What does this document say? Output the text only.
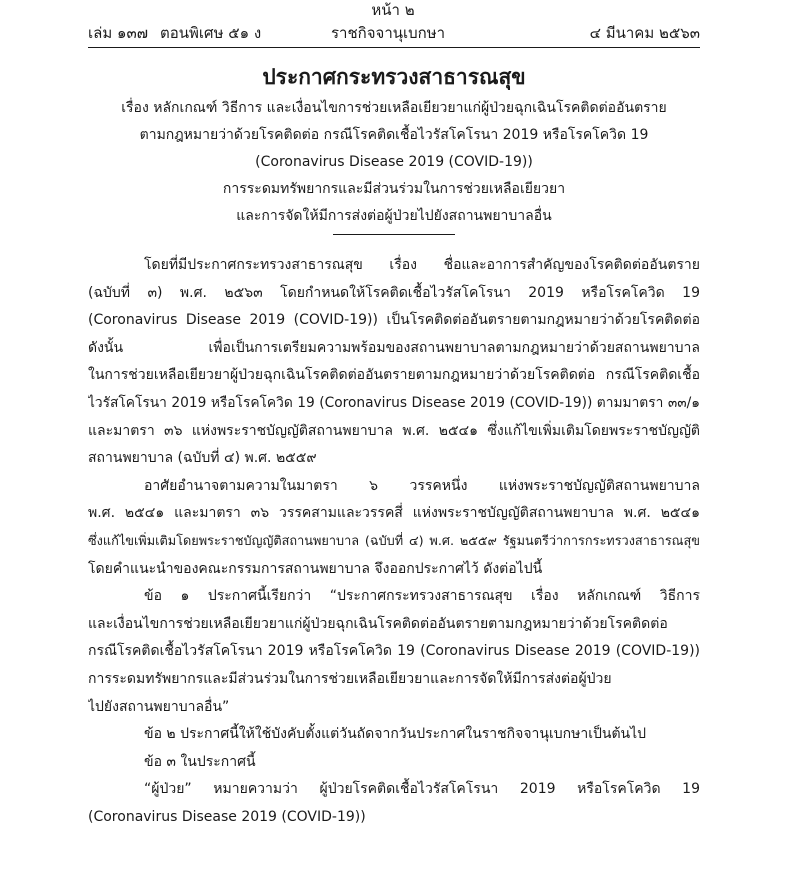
หน้า ๒
เล่ม ๑๓๗ ตอนพิเศษ ๕๑ ง	ราชกิจจานุเบกษา	๔ มีนาคม ๒๕๖๓
ประกาศกระทรวงสาธารณสุข
เรื่อง หลักเกณฑ์ วิธีการ และเงื่อนไขการช่วยเหลือเยียวยาแก่ผู้ป่วยฉุกเฉินโรคติดต่ออันตราย
ตามกฎหมายว่าด้วยโรคติดต่อ กรณีโรคติดเชื้อไวรัสโคโรนา 2019 หรือโรคโควิด 19
(Coronavirus Disease 2019 (COVID-19))
การระดมทรัพยากรและมีส่วนร่วมในการช่วยเหลือเยียวยา
และการจัดให้มีการส่งต่อผู้ป่วยไปยังสถานพยาบาลอื่น
โดยที่มีประกาศกระทรวงสาธารณสุข เรื่อง ชื่อและอาการสำคัญของโรคติดต่ออันตราย
(ฉบับที่ ๓) พ.ศ. ๒๕๖๓ โดยกำหนดให้โรคติดเชื้อไวรัสโคโรนา 2019 หรือโรคโควิด 19
(Coronavirus Disease 2019 (COVID-19)) เป็นโรคติดต่ออันตรายตามกฎหมายว่าด้วยโรคติดต่อ
ดังนั้น เพื่อเป็นการเตรียมความพร้อมของสถานพยาบาลตามกฎหมายว่าด้วยสถานพยาบาล
ในการช่วยเหลือเยียวยาผู้ป่วยฉุกเฉินโรคติดต่ออันตรายตามกฎหมายว่าด้วยโรคติดต่อ กรณีโรคติดเชื้อ
ไวรัสโคโรนา 2019 หรือโรคโควิด 19 (Coronavirus Disease 2019 (COVID-19)) ตามมาตรา ๓๓/๑
และมาตรา ๓๖ แห่งพระราชบัญญัติสถานพยาบาล พ.ศ. ๒๕๔๑ ซึ่งแก้ไขเพิ่มเติมโดยพระราชบัญญัติ
สถานพยาบาล (ฉบับที่ ๔) พ.ศ. ๒๕๕๙
อาศัยอำนาจตามความในมาตรา ๖ วรรคหนึ่ง แห่งพระราชบัญญัติสถานพยาบาล
พ.ศ. ๒๕๔๑ และมาตรา ๓๖ วรรคสามและวรรคสี่ แห่งพระราชบัญญัติสถานพยาบาล พ.ศ. ๒๕๔๑
ซึ่งแก้ไขเพิ่มเติมโดยพระราชบัญญัติสถานพยาบาล (ฉบับที่ ๔) พ.ศ. ๒๕๕๙ รัฐมนตรีว่าการกระทรวงสาธารณสุข
โดยคำแนะนำของคณะกรรมการสถานพยาบาล จึงออกประกาศไว้ ดังต่อไปนี้
ข้อ ๑ ประกาศนี้เรียกว่า “ประกาศกระทรวงสาธารณสุข เรื่อง หลักเกณฑ์ วิธีการ
และเงื่อนไขการช่วยเหลือเยียวยาแก่ผู้ป่วยฉุกเฉินโรคติดต่ออันตรายตามกฎหมายว่าด้วยโรคติดต่อ
กรณีโรคติดเชื้อไวรัสโคโรนา 2019 หรือโรคโควิด 19 (Coronavirus Disease 2019 (COVID-19))
การระดมทรัพยากรและมีส่วนร่วมในการช่วยเหลือเยียวยาและการจัดให้มีการส่งต่อผู้ป่วย
ไปยังสถานพยาบาลอื่น”
ข้อ ๒ ประกาศนี้ให้ใช้บังคับตั้งแต่วันถัดจากวันประกาศในราชกิจจานุเบกษาเป็นต้นไป
ข้อ ๓ ในประกาศนี้
“ผู้ป่วย” หมายความว่า ผู้ป่วยโรคติดเชื้อไวรัสโคโรนา 2019 หรือโรคโควิด 19
(Coronavirus Disease 2019 (COVID-19))
